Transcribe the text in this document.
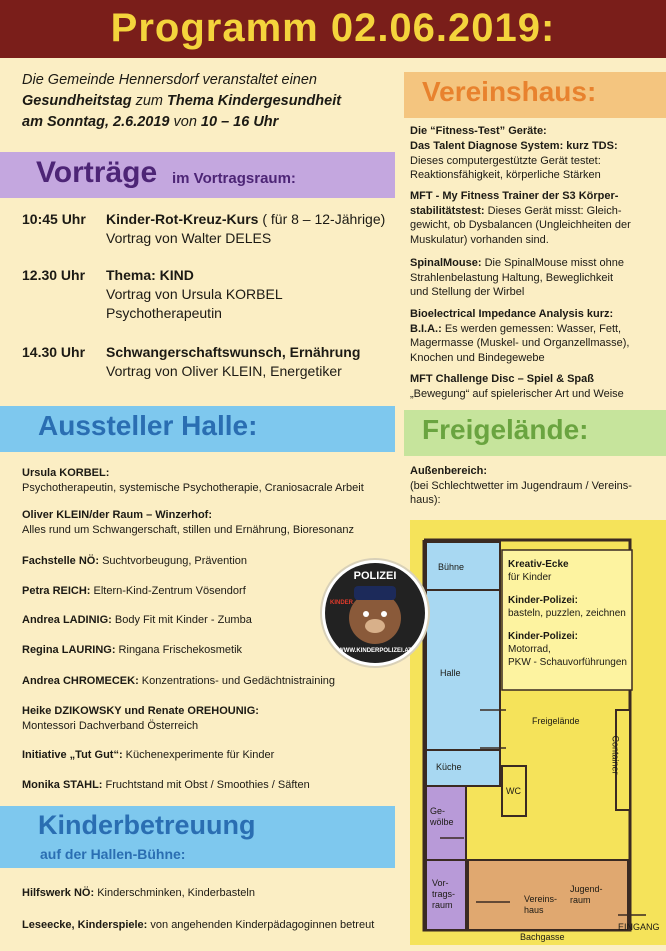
Programm 02.06.2019:
Die Gemeinde Hennersdorf veranstaltet einen
Gesundheitstag zum Thema Kindergesundheit
am Sonntag, 2.6.2019 von 10 – 16 Uhr
Vorträge im Vortragsraum:
10:45 Uhr Kinder-Rot-Kreuz-Kurs ( für 8 – 12-Jährige)
Vortrag von Walter DELES
12.30 Uhr Thema: KIND
Vortrag von Ursula KORBEL
Psychotherapeutin
14.30 Uhr Schwangerschaftswunsch, Ernährung
Vortrag von Oliver KLEIN, Energetiker
Aussteller Halle:
Ursula KORBEL:
Psychotherapeutin, systemische Psychotherapie, Craniosacrale Arbeit
Oliver KLEIN/der Raum – Winzerhof:
Alles rund um Schwangerschaft, stillen und Ernährung, Bioresonanz
Fachstelle NÖ: Suchtvorbeugung, Prävention
Petra REICH: Eltern-Kind-Zentrum Vösendorf
Andrea LADINIG: Body Fit mit Kinder - Zumba
Regina LAURING: Ringana Frischekosmetik
Andrea CHROMECEK: Konzentrations- und Gedächtnistraining
Heike DZIKOWSKY und Renate OREHOUNIG:
Montessori Dachverband Österreich
Initiative „Tut Gut“: Küchenexperimente für Kinder
Monika STAHL: Fruchtstand mit Obst / Smoothies / Säften
Kinderbetreuung
auf der Hallen-Bühne:
Hilfswerk NÖ: Kinderschminken, Kinderbasteln
Leseecke, Kinderspiele: von angehenden Kinderpädagoginnen betreut
Vereinshaus:
Die “Fitness-Test” Geräte:
Das Talent Diagnose System: kurz TDS:
Dieses computergestützte Gerät testet:
Reaktionsfähigkeit, körperliche Stärken
MFT - My Fitness Trainer der S3 Körper-
stabilitätstest: Dieses Gerät misst: Gleich-
gewicht, ob Dysbalancen (Ungleichheiten der
Muskulatur) vorhanden sind.
SpinalMouse: Die SpinalMouse misst ohne
Strahlenbelastung Haltung, Beweglichkeit
und Stellung der Wirbel
Bioelectrical Impedance Analysis kurz:
B.I.A.: Es werden gemessen: Wasser, Fett,
Magermasse (Muskel- und Organzellmasse),
Knochen und Bindegewebe
MFT Challenge Disc – Spiel & Spaß
„Bewegung“ auf spielerischer Art und Weise
Freigelände:
Außenbereich:
(bei Schlechtwetter im Jugendraum / Vereins-haus):
Bühne
Halle
Küche
Ge-
wölbe
Vor-
trags-
raum
Vereins-
haus
Jugend-
raum
WC
Container
Freigelände
Bachgasse
EINGANG
Kreativ-Ecke
für Kinder
Kinder-Polizei:
basteln, puzzlen, zeichnen
Kinder-Polizei:
Motorrad,
PKW - Schauvorführungen
POLIZEI
WWW.KINDERPOLIZEI.AT
KINDER
